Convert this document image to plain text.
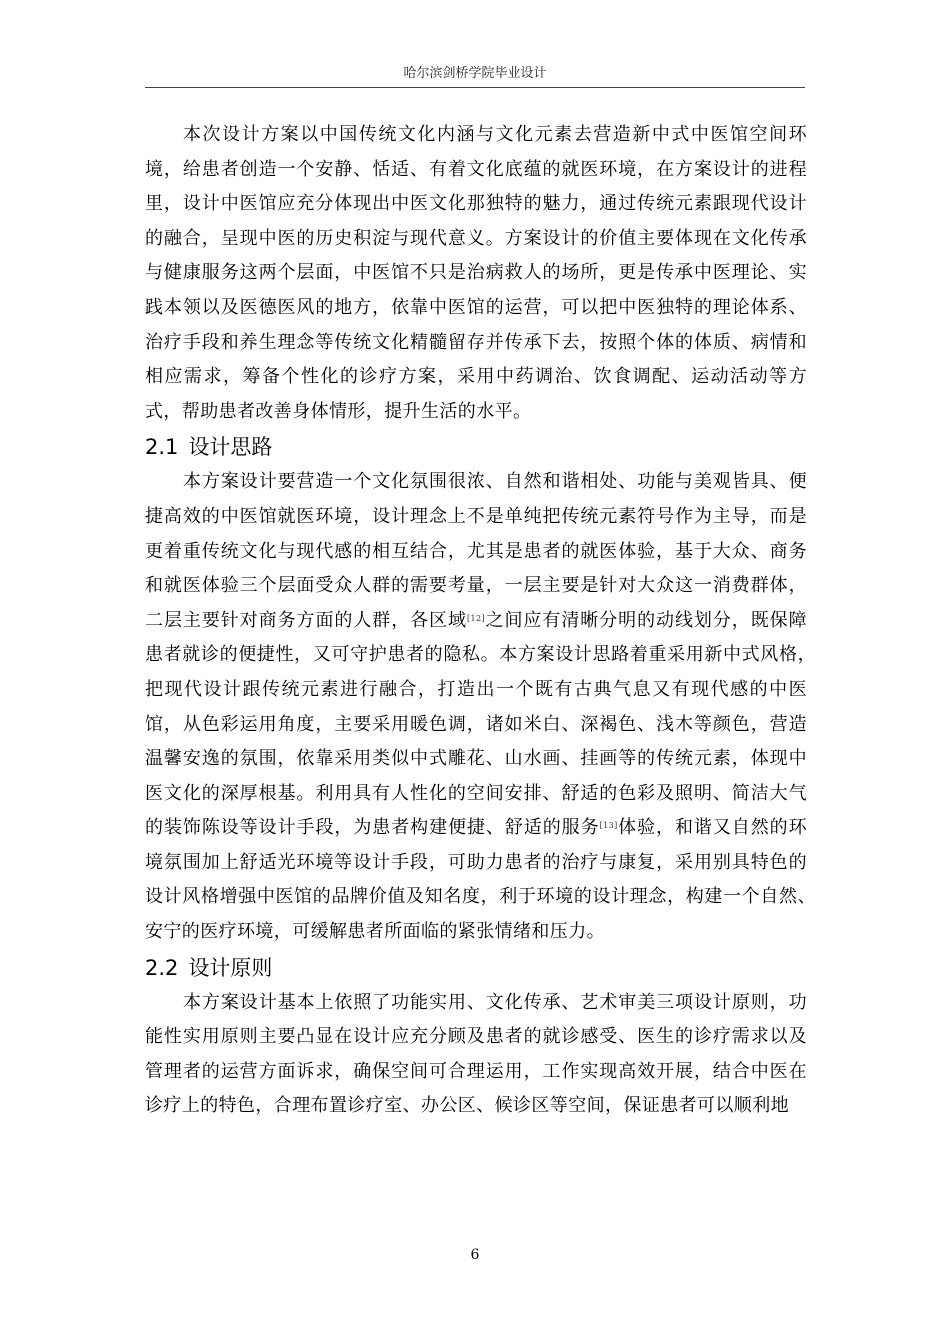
哈尔滨剑桥学院毕业设计

本次设计方案以中国传统文化内涵与文化元素去营造新中式中医馆空间环境，给患者创造一个安静、恬适、有着文化底蕴的就医环境，在方案设计的进程里，设计中医馆应充分体现出中医文化那独特的魅力，通过传统元素跟现代设计的融合，呈现中医的历史积淀与现代意义。方案设计的价值主要体现在文化传承与健康服务这两个层面，中医馆不只是治病救人的场所，更是传承中医理论、实践本领以及医德医风的地方，依靠中医馆的运营，可以把中医独特的理论体系、治疗手段和养生理念等传统文化精髓留存并传承下去，按照个体的体质、病情和相应需求，筹备个性化的诊疗方案，采用中药调治、饮食调配、运动活动等方式，帮助患者改善身体情形，提升生活的水平。

2.1 设计思路

本方案设计要营造一个文化氛围很浓、自然和谐相处、功能与美观皆具、便捷高效的中医馆就医环境，设计理念上不是单纯把传统元素符号作为主导，而是更着重传统文化与现代感的相互结合，尤其是患者的就医体验，基于大众、商务和就医体验三个层面受众人群的需要考量，一层主要是针对大众这一消费群体，二层主要针对商务方面的人群，各区域[12]之间应有清晰分明的动线划分，既保障患者就诊的便捷性，又可守护患者的隐私。本方案设计思路着重采用新中式风格，　把现代设计跟传统元素进行融合，打造出一个既有古典气息又有现代感的中医　　馆，从色彩运用角度，主要采用暖色调，诸如米白、深褐色、浅木等颜色，营造　温馨安逸的氛围，依靠采用类似中式雕花、山水画、挂画等的传统元素，体现中　医文化的深厚根基。利用具有人性化的空间安排、舒适的色彩及照明、简洁大气　的装饰陈设等设计手段，为患者构建便捷、舒适的服务[13]体验，和谐又自然的环　境氛围加上舒适光环境等设计手段，可助力患者的治疗与康复，采用别具特色的　设计风格增强中医馆的品牌价值及知名度，利于环境的设计理念，构建一个自然、　安宁的医疗环境，可缓解患者所面临的紧张情绪和压力。

2.2 设计原则

本方案设计基本上依照了功能实用、文化传承、艺术审美三项设计原则，功　能性实用原则主要凸显在设计应充分顾及患者的就诊感受、医生的诊疗需求以及　管理者的运营方面诉求，确保空间可合理运用，工作实现高效开展，结合中医在　诊疗上的特色，合理布置诊疗室、办公区、候诊区等空间，保证患者可以顺利地

6
